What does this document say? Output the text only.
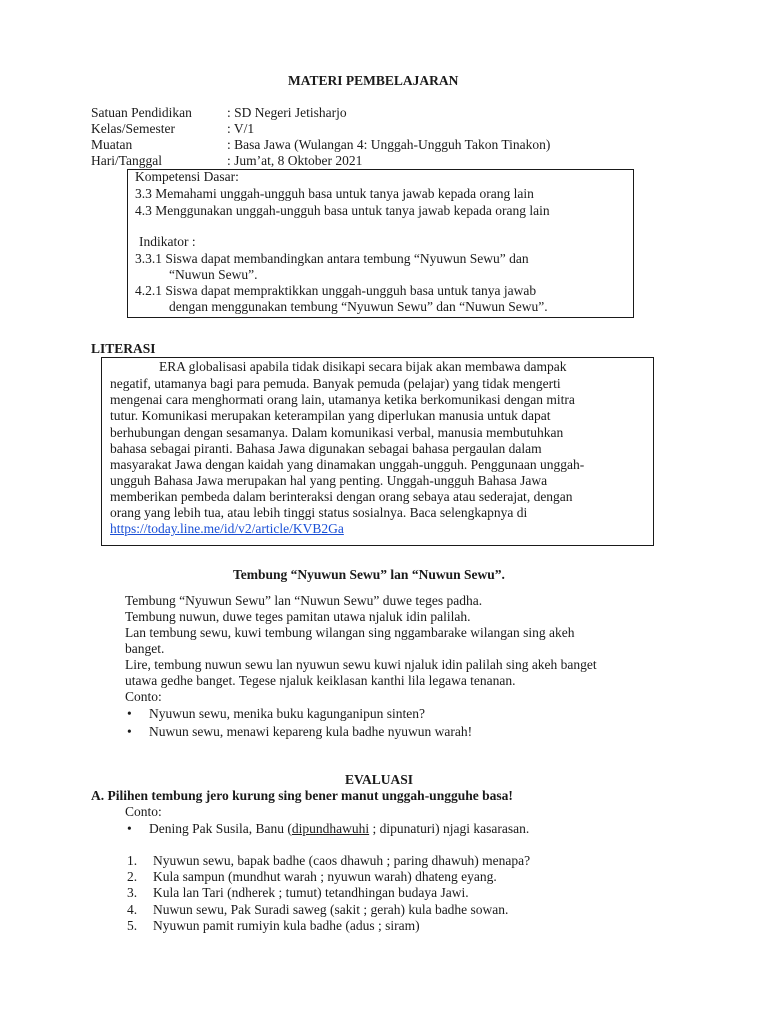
MATERI PEMBELAJARAN
Satuan Pendidikan	: SD Negeri Jetisharjo
Kelas/Semester	: V/1
Muatan	: Basa Jawa (Wulangan 4: Unggah-Ungguh Takon Tinakon)
Hari/Tanggal	: Jum’at, 8 Oktober 2021
Kompetensi Dasar:
3.3 Memahami unggah-ungguh basa untuk tanya jawab kepada orang lain
4.3 Menggunakan unggah-ungguh basa untuk tanya jawab kepada orang lain
Indikator :
3.3.1 Siswa dapat membandingkan antara tembung “Nyuwun Sewu” dan
“Nuwun Sewu”.
4.2.1 Siswa dapat mempraktikkan unggah-ungguh basa untuk tanya jawab
dengan menggunakan tembung “Nyuwun Sewu” dan “Nuwun Sewu”.
LITERASI
ERA globalisasi apabila tidak disikapi secara bijak akan membawa dampak
negatif, utamanya bagi para pemuda. Banyak pemuda (pelajar) yang tidak mengerti
mengenai cara menghormati orang lain, utamanya ketika berkomunikasi dengan mitra
tutur. Komunikasi merupakan keterampilan yang diperlukan manusia untuk dapat
berhubungan dengan sesamanya. Dalam komunikasi verbal, manusia membutuhkan
bahasa sebagai piranti. Bahasa Jawa digunakan sebagai bahasa pergaulan dalam
masyarakat Jawa dengan kaidah yang dinamakan unggah-ungguh. Penggunaan unggah-
ungguh Bahasa Jawa merupakan hal yang penting. Unggah-ungguh Bahasa Jawa
memberikan pembeda dalam berinteraksi dengan orang sebaya atau sederajat, dengan
orang yang lebih tua, atau lebih tinggi status sosialnya. Baca selengkapnya di
https://today.line.me/id/v2/article/KVB2Ga
Tembung “Nyuwun Sewu” lan “Nuwun Sewu”.
Tembung “Nyuwun Sewu” lan “Nuwun Sewu” duwe teges padha.
Tembung nuwun, duwe teges pamitan utawa njaluk idin palilah.
Lan tembung sewu, kuwi tembung wilangan sing nggambarake wilangan sing akeh
banget.
Lire, tembung nuwun sewu lan nyuwun sewu kuwi njaluk idin palilah sing akeh banget
utawa gedhe banget. Tegese njaluk keiklasan kanthi lila legawa tenanan.
Conto:
• Nyuwun sewu, menika buku kagunganipun sinten?
• Nuwun sewu, menawi kepareng kula badhe nyuwun warah!
EVALUASI
A. Pilihen tembung jero kurung sing bener manut unggah-ungguhe basa!
Conto:
• Dening Pak Susila, Banu (dipundhawuhi ; dipunaturi) njagi kasarasan.
1. Nyuwun sewu, bapak badhe (caos dhawuh ; paring dhawuh) menapa?
2. Kula sampun (mundhut warah ; nyuwun warah) dhateng eyang.
3. Kula lan Tari (ndherek ; tumut) tetandhingan budaya Jawi.
4. Nuwun sewu, Pak Suradi saweg (sakit ; gerah) kula badhe sowan.
5. Nyuwun pamit rumiyin kula badhe (adus ; siram)
